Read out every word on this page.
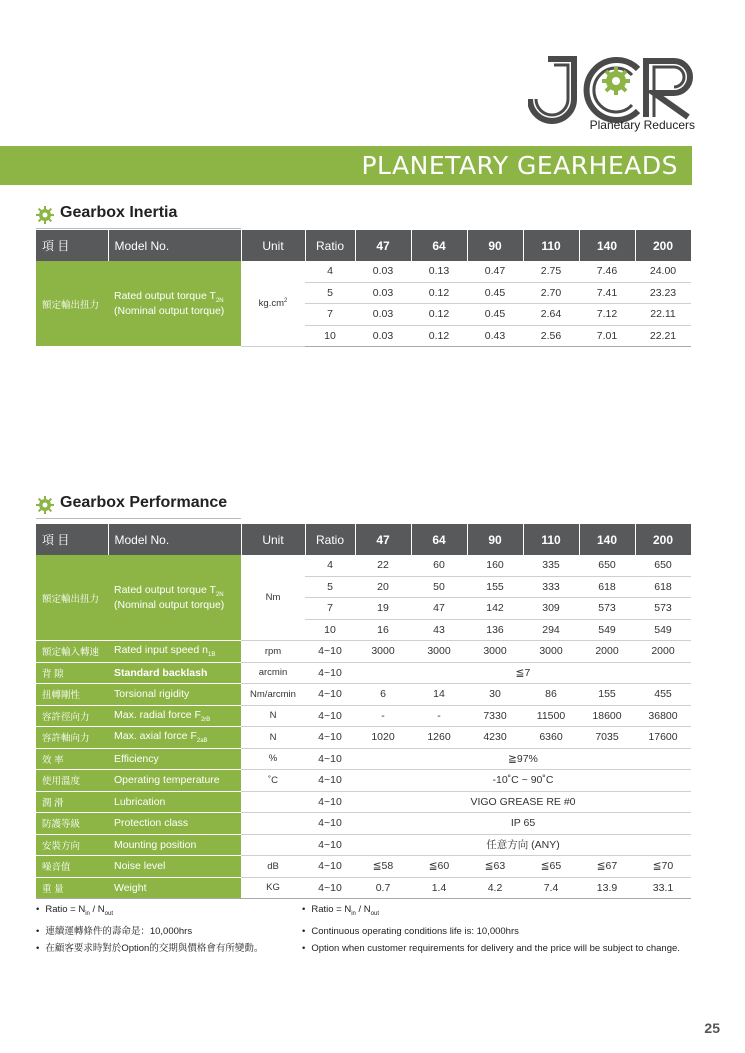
Planetary Reducers
PLANETARY GEARHEADS
Gearbox Inertia
項 目	Model No.	Unit	Ratio	47	64	90	110	140	200
額定輸出扭力	Rated output torque $T_{2N}$
(Nominal output torque)	$kg.cm^2$	4	0.03	0.13	0.47	2.75	7.46	24.00
			5	0.03	0.12	0.45	2.70	7.41	23.23
			7	0.03	0.12	0.45	2.64	7.12	22.11
			10	0.03	0.12	0.43	2.56	7.01	22.21
Gearbox Performance
項 目	Model No.	Unit	Ratio	47	64	90	110	140	200
額定輸出扭力	Rated output torque $T_{2N}$
(Nominal output torque)	Nm	4	22	60	160	335	650	650
			5	20	50	155	333	618	618
			7	19	47	142	309	573	573
			10	16	43	136	294	549	549
額定輸入轉速	Rated input speed $n_{1B}$	rpm	4~10	3000	3000	3000	3000	2000	2000
背 隙	Standard backlash	arcmin	4~10	≦7					
扭轉剛性	Torsional rigidity	Nm/arcmin	4~10	6	14	30	86	155	455
容許徑向力	Max. radial force $F_{2rB}$	N	4~10	-	-	7330	11500	18600	36800
容許軸向力	Max. axial force $F_{2aB}$	N	4~10	1020	1260	4230	6360	7035	17600
效 率	Efficiency	%	4~10	≧97%					
使用溫度	Operating temperature	˚C	4~10	-10˚C ~ 90˚C					
潤 滑	Lubrication		4~10	VIGO GREASE RE #0					
防護等級	Protection class		4~10	IP 65					
安裝方向	Mounting position		4~10	任意方向 (ANY)					
噪音值	Noise level	dB	4~10	≦58	≦60	≦63	≦65	≦67	≦70
重 量	Weight	KG	4~10	0.7	1.4	4.2	7.4	13.9	33.1
• Ratio = $N_{in} / N_{out}$
• 連續運轉條件的壽命是：10,000hrs
• 在顧客要求時對於Option的交期與價格會有所變動。
• Ratio = $N_{in} / N_{out}$
• Continuous operating conditions life is: 10,000hrs
• Option when customer requirements for delivery and the price will be subject to change.
25
